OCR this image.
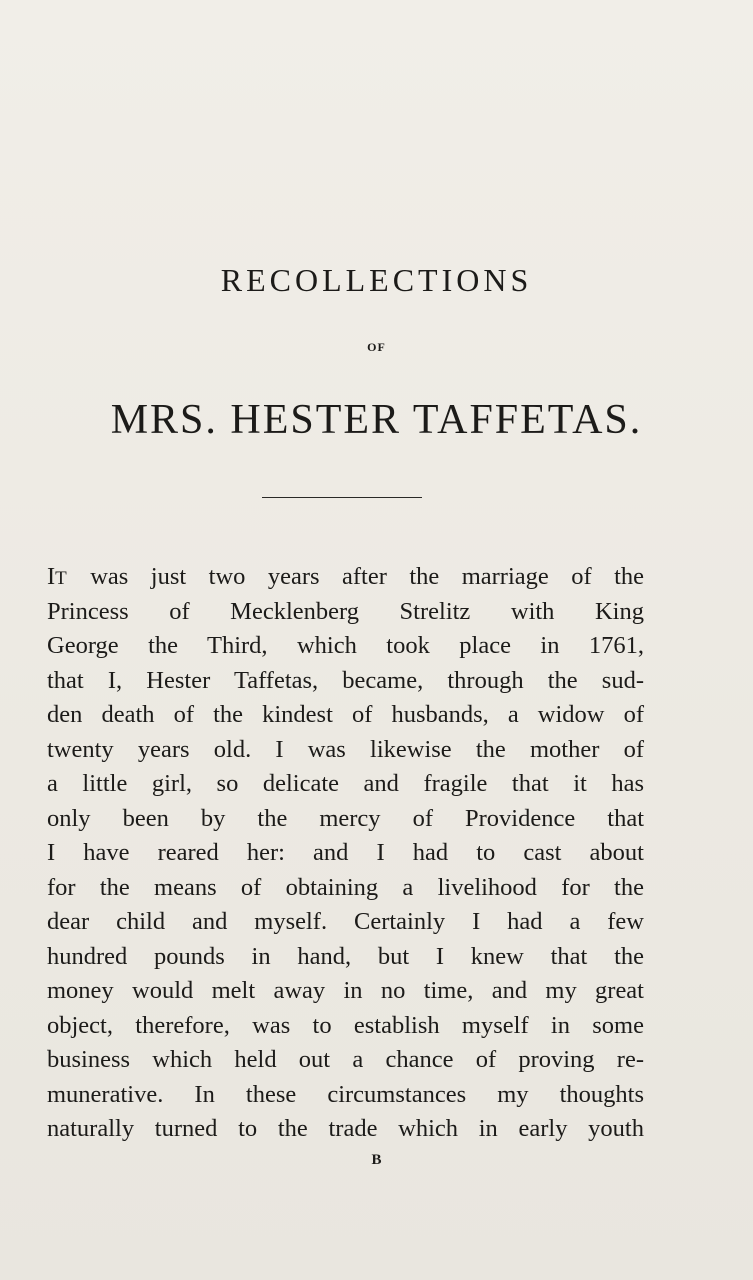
RECOLLECTIONS
OF
MRS. HESTER TAFFETAS.
IT was just two years after the marriage of the
Princess of Mecklenberg Strelitz with King
George the Third, which took place in 1761,
that I, Hester Taffetas, became, through the sud-
den death of the kindest of husbands, a widow of
twenty years old. I was likewise the mother of
a little girl, so delicate and fragile that it has
only been by the mercy of Providence that
I have reared her: and I had to cast about
for the means of obtaining a livelihood for the
dear child and myself. Certainly I had a few
hundred pounds in hand, but I knew that the
money would melt away in no time, and my great
object, therefore, was to establish myself in some
business which held out a chance of proving re-
munerative. In these circumstances my thoughts
naturally turned to the trade which in early youth
B
